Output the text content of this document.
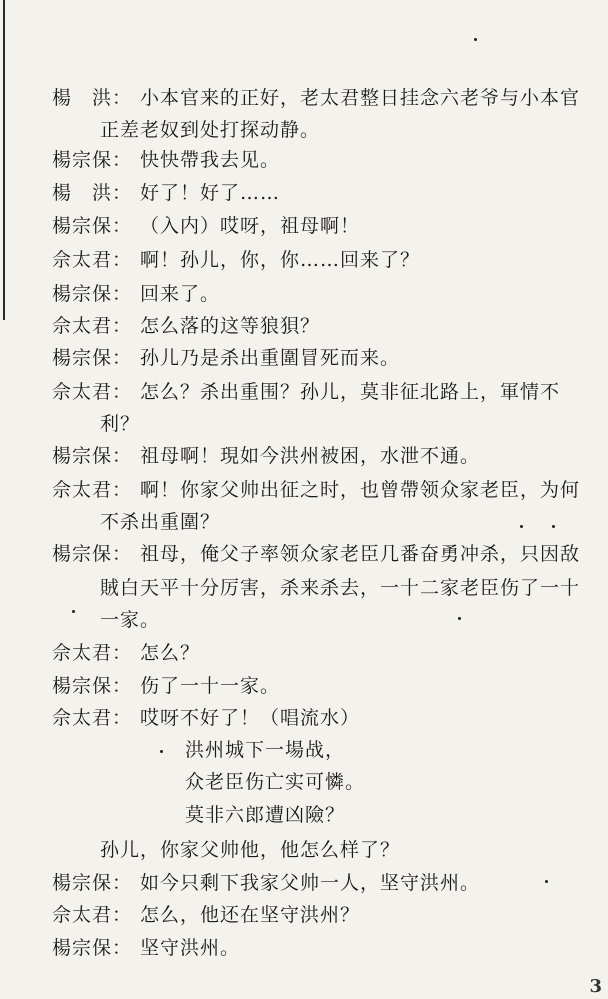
楊　洪： 小本官来的正好，老太君整日挂念六老爷与小本官
正差老奴到处打探动静。
楊宗保： 快快帶我去见。
楊　洪： 好了！好了……
楊宗保： （入内）哎呀，祖母啊！
佘太君： 啊！孙儿，你，你……回来了？
楊宗保： 回来了。
佘太君： 怎么落的这等狼狽？
楊宗保： 孙儿乃是杀出重圍冒死而来。
佘太君： 怎么？杀出重围？孙儿，莫非征北路上，軍情不
利？
楊宗保： 祖母啊！現如今洪州被困，水泄不通。
佘太君： 啊！你家父帅出征之时，也曾帶领众家老臣，为何
不杀出重圍？
楊宗保： 祖母，俺父子率领众家老臣几番奋勇冲杀，只因敌
賊白天平十分厉害，杀来杀去，一十二家老臣伤了一十
一家。
佘太君： 怎么？
楊宗保： 伤了一十一家。
佘太君： 哎呀不好了！（唱流水）
洪州城下一場战，
众老臣伤亡实可憐。
莫非六郎遭凶險？
孙儿，你家父帅他，他怎么样了？
楊宗保： 如今只剩下我家父帅一人，坚守洪州。
佘太君： 怎么，他还在坚守洪州？
楊宗保： 坚守洪州。
3
